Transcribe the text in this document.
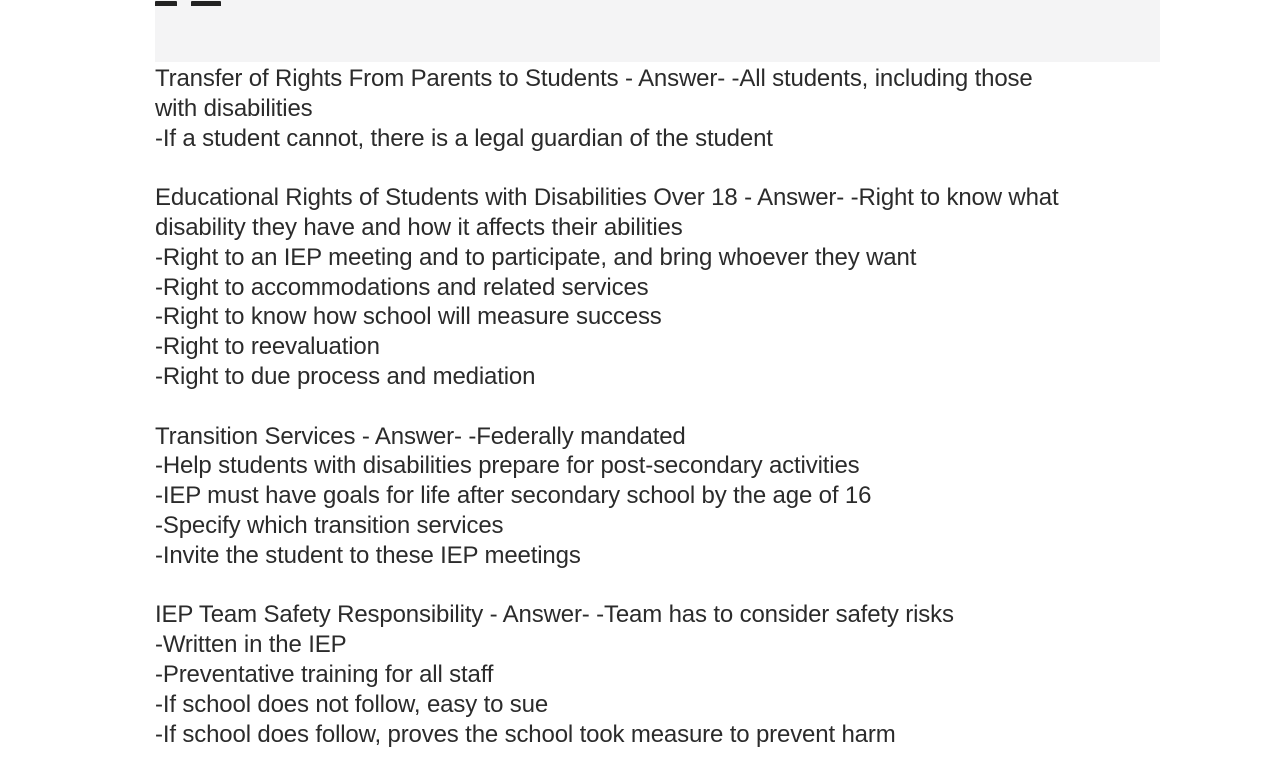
Transfer of Rights From Parents to Students - Answer- -All students, including those
with disabilities
-If a student cannot, there is a legal guardian of the student
Educational Rights of Students with Disabilities Over 18 - Answer- -Right to know what
disability they have and how it affects their abilities
-Right to an IEP meeting and to participate, and bring whoever they want
-Right to accommodations and related services
-Right to know how school will measure success
-Right to reevaluation
-Right to due process and mediation
Transition Services - Answer- -Federally mandated
-Help students with disabilities prepare for post-secondary activities
-IEP must have goals for life after secondary school by the age of 16
-Specify which transition services
-Invite the student to these IEP meetings
IEP Team Safety Responsibility - Answer- -Team has to consider safety risks
-Written in the IEP
-Preventative training for all staff
-If school does not follow, easy to sue
-If school does follow, proves the school took measure to prevent harm
